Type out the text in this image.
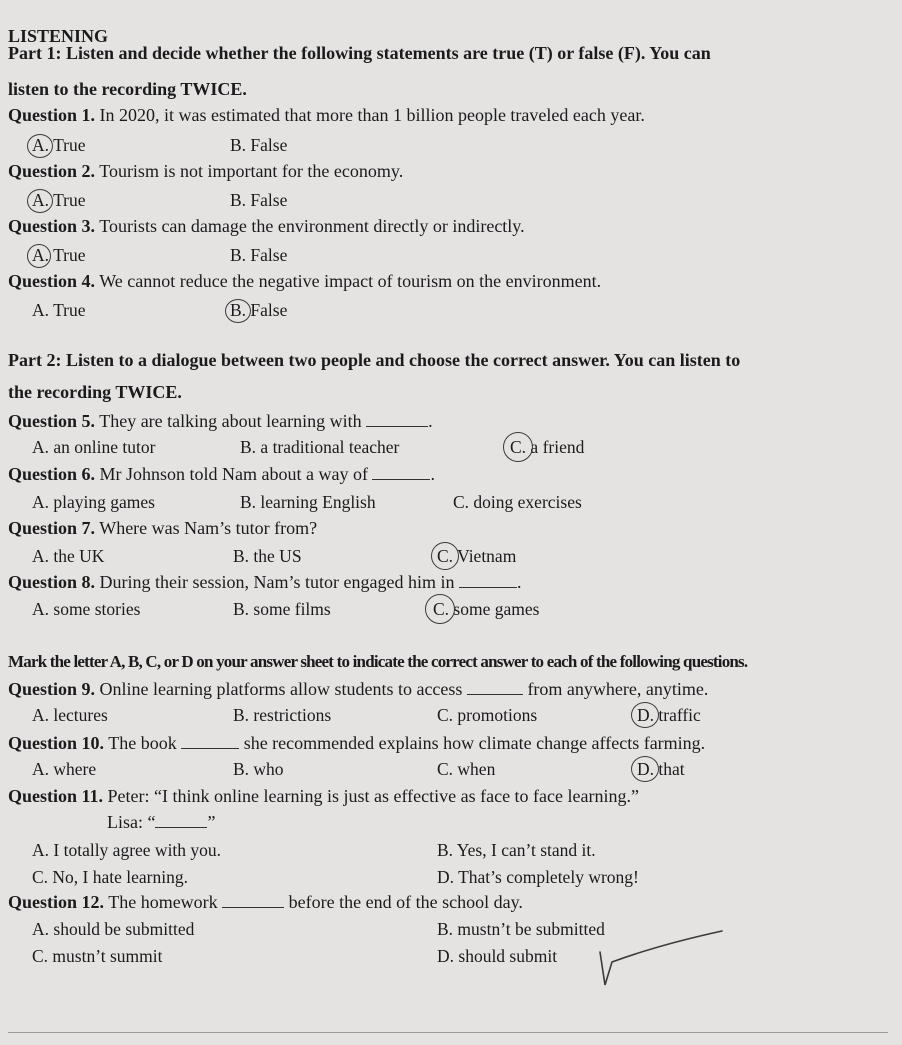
LISTENING
Part 1: Listen and decide whether the following statements are true (T) or false (F). You can
listen to the recording TWICE.
Question 1. In 2020, it was estimated that more than 1 billion people traveled each year.
A. True	B. False
Question 2. Tourism is not important for the economy.
A. True	B. False
Question 3. Tourists can damage the environment directly or indirectly.
A. True	B. False
Question 4. We cannot reduce the negative impact of tourism on the environment.
A. True	B. False
Part 2: Listen to a dialogue between two people and choose the correct answer. You can listen to
the recording TWICE.
Question 5. They are talking about learning with	.
A. an online tutor	B. a traditional teacher	C. a friend
Question 6. Mr Johnson told Nam about a way of	.
A. playing games	B. learning English	C. doing exercises
Question 7. Where was Nam’s tutor from?
A. the UK	B. the US	C. Vietnam
Question 8. During their session, Nam’s tutor engaged him in	.
A. some stories	B. some films	C. some games
Mark the letter A, B, C, or D on your answer sheet to indicate the correct answer to each of the following questions.
Question 9. Online learning platforms allow students to access	from anywhere, anytime.
A. lectures	B. restrictions	C. promotions	D. traffic
Question 10. The book	she recommended explains how climate change affects farming.
A. where	B. who	C. when	D. that
Question 11. Peter: “I think online learning is just as effective as face to face learning.”
Lisa: “	”
A. I totally agree with you.	B. Yes, I can’t stand it.
C. No, I hate learning.	D. That’s completely wrong!
Question 12. The homework	before the end of the school day.
A. should be submitted	B. mustn’t be submitted
C. mustn’t summit	D. should submit
